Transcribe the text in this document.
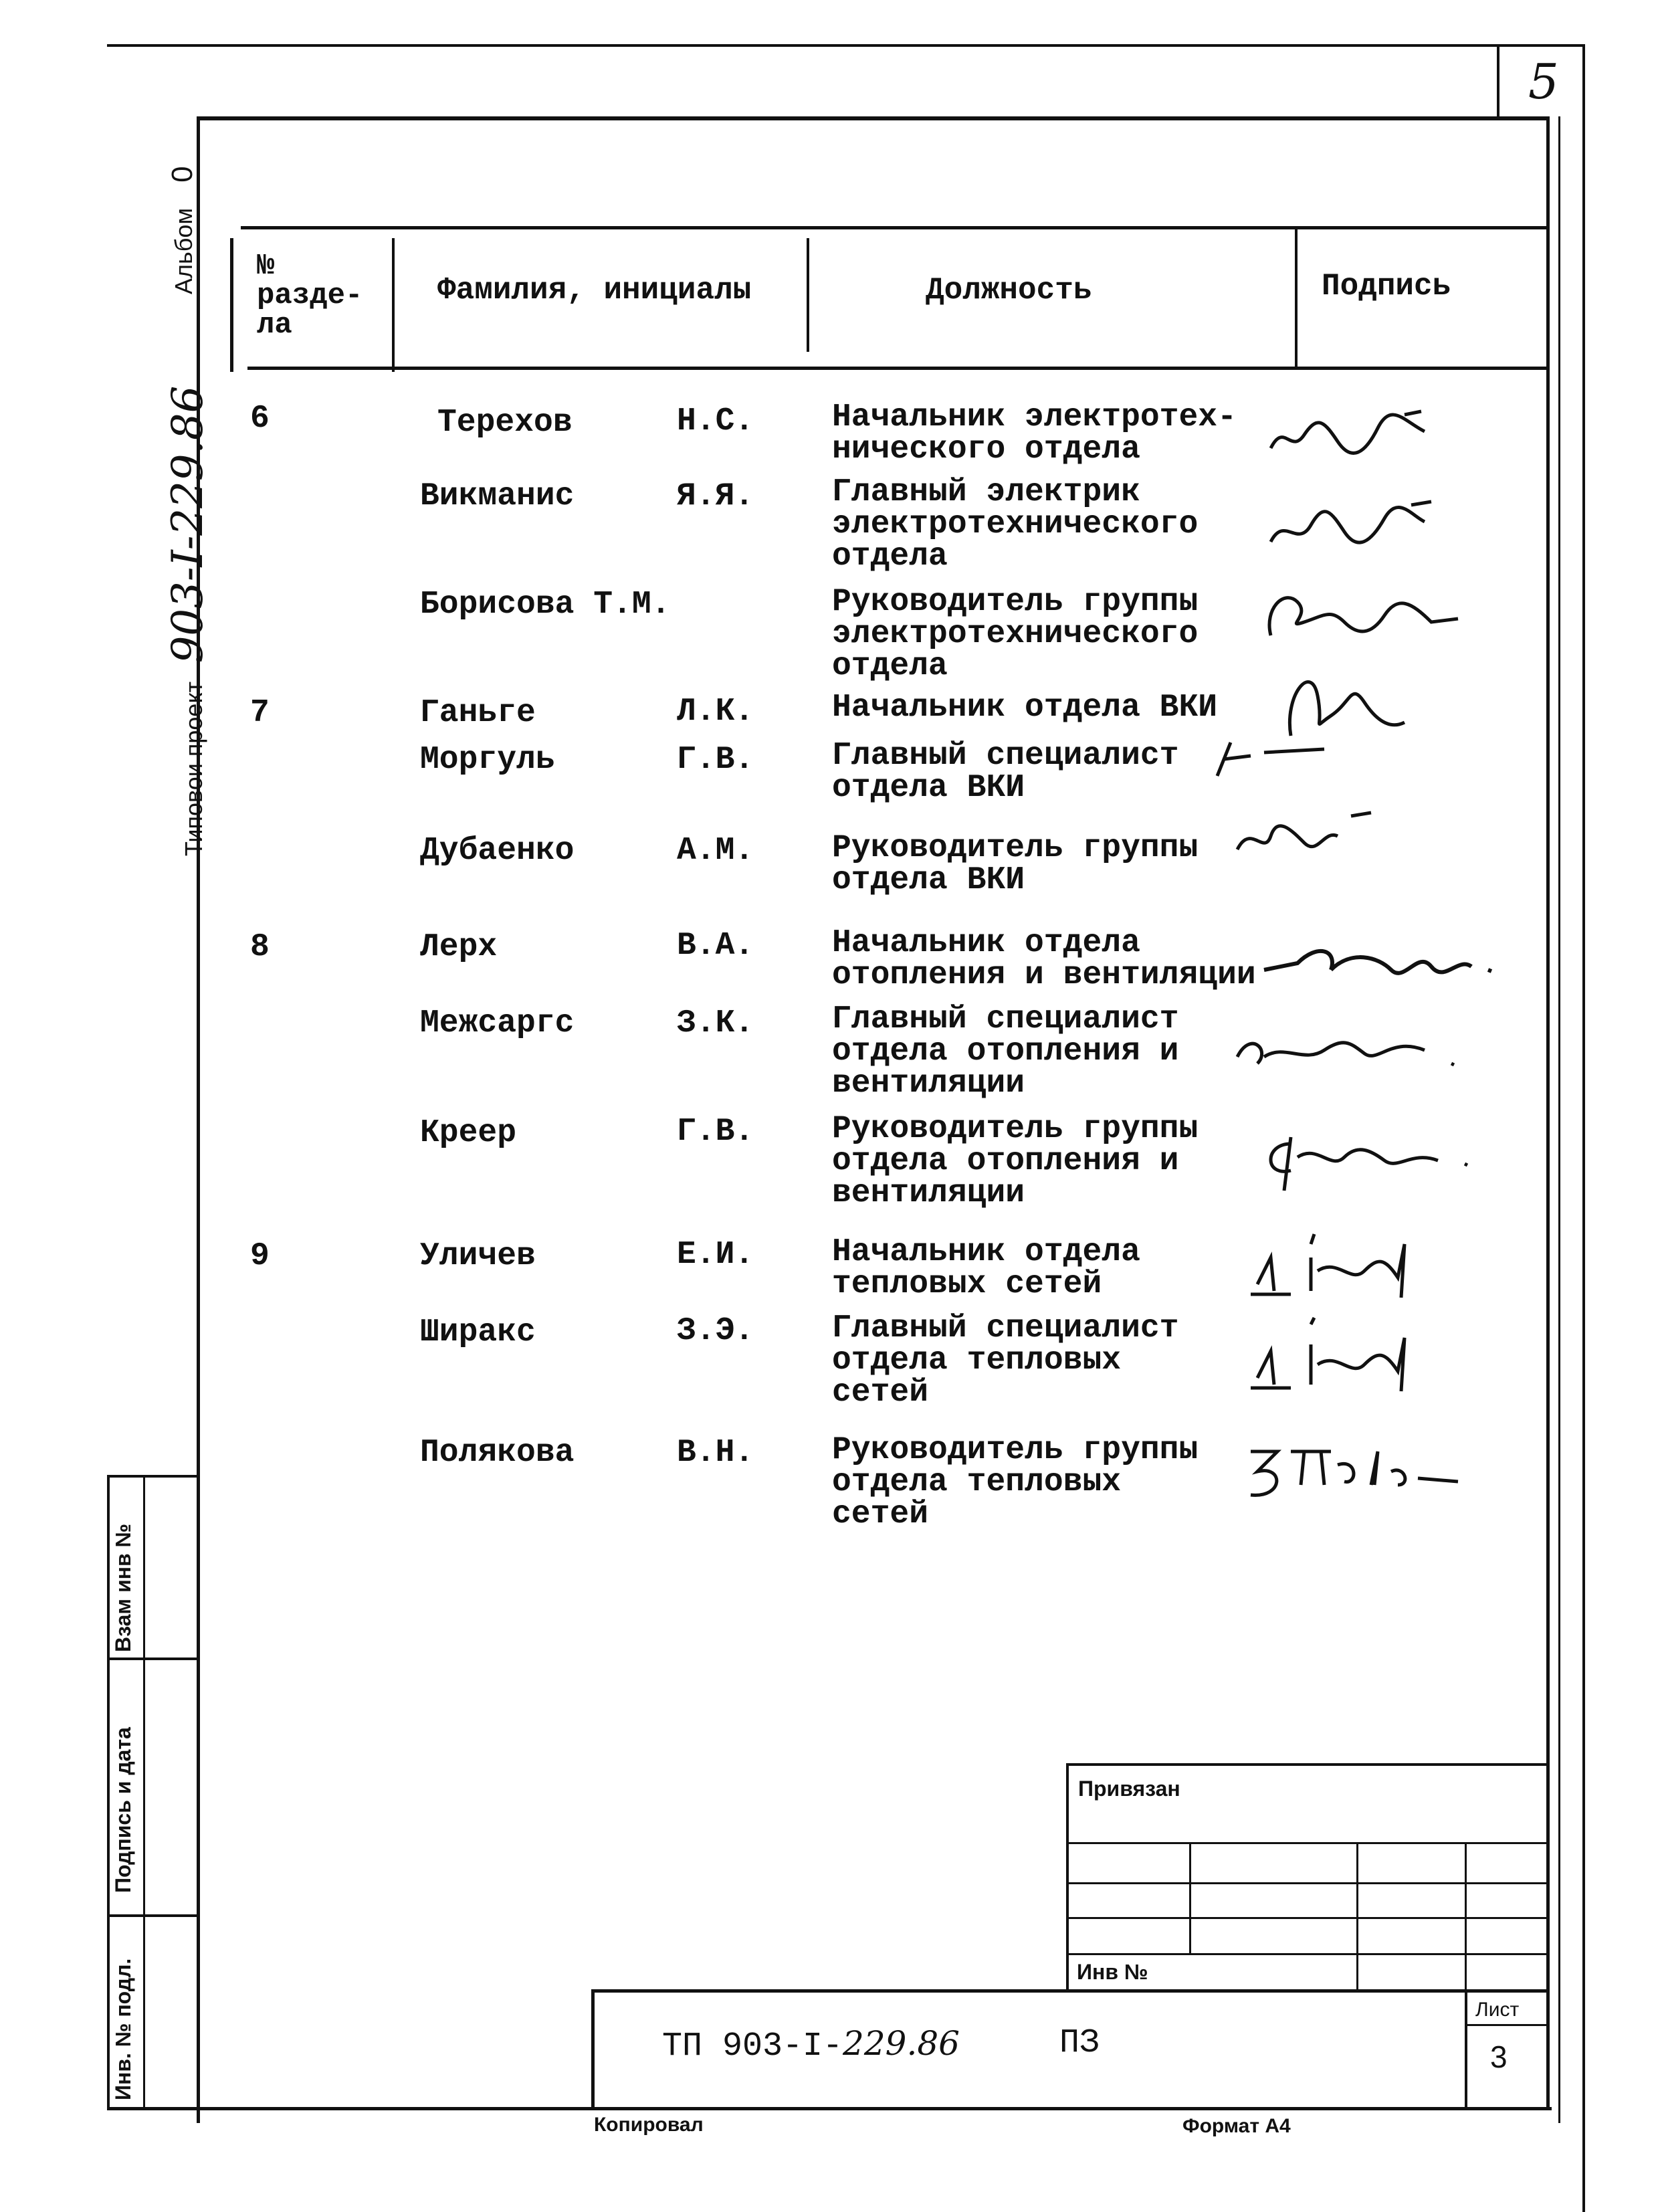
5
Альбом 0
Типовои проект 903-I-229.86
Взам инв №
Подпись и дата
Инв. № подл.
№ разде-ла
Фамилия, инициалы	Должность	Подпись
6	Терехов	Н.С. Начальник электротех-
нического отдела
Викманис	Я.Я. Главный электрик
электротехнического
отдела
Борисова Т.М.	Руководитель группы
электротехнического
отдела
7	Ганьге	Л.К. Начальник отдела ВКИ
Моргуль	Г.В. Главный специалист
отдела ВКИ
Дубаенко	А.М. Руководитель группы
отдела ВКИ
8	Лерх	В.А. Начальник отдела
отопления и вентиляции
Межсаргс	З.К. Главный специалист
отдела отопления и
вентиляции
Креер	Г.В. Руководитель группы
отдела отопления и
вентиляции
9	Уличев	Е.И. Начальник отдела
тепловых сетей
Ширакс	З.Э. Главный специалист
отдела тепловых
сетей
Полякова	В.Н. Руководитель группы
отдела тепловых
сетей
Привязан
Инв №
ТП 903-I-229.86	ПЗ
Лист
3
Копировал	Формат А4
